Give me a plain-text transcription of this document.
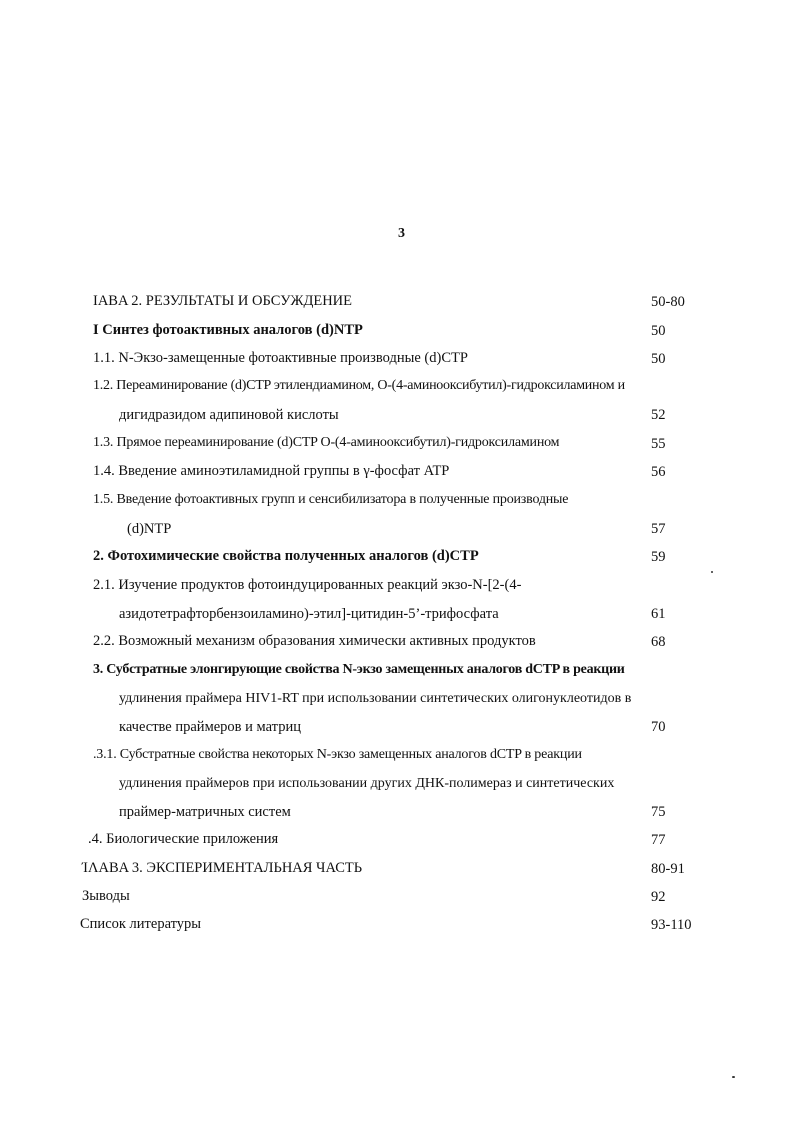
3
ΙΑΒΑ 2. РЕЗУЛЬТАТЫ И ОБСУЖДЕНИЕ	50-80
Ι Синтез фотоактивных аналогов (d)NTP	50
1.1. N-Экзо-замещенные фотоактивные производные (d)CTP	50
1.2. Переаминирование (d)CTP этилендиамином, O-(4-аминооксибутил)-гидроксиламином и
дигидразидом адипиновой кислоты	52
1.3. Прямое переаминирование (d)CTP O-(4-аминооксибутил)-гидроксиламином	55
1.4. Введение аминоэтиламидной группы в γ-фосфат ATP	56
1.5. Введение фотоактивных групп и сенсибилизатора в полученные производные
(d)NTP	57
2. Фотохимические свойства полученных аналогов (d)CTP	59
2.1. Изучение продуктов фотоиндуцированных реакций экзо-N-[2-(4-
азидотетрафторбензоиламино)-этил]-цитидин-5’-трифосфата	61
2.2. Возможный механизм образования химически активных продуктов	68
3. Субстратные элонгирующие свойства N-экзо замещенных аналогов dCTP в реакции
удлинения праймера HIV1-RT при использовании синтетических олигонуклеотидов в
качестве праймеров и матриц	70
.3.1. Субстратные свойства некоторых N-экзо замещенных аналогов dCTP в реакции
удлинения праймеров при использовании других ДНК-полимераз и синтетических
праймер-матричных систем	75
.4. Биологические приложения	77
ΊΛΑΒΑ 3. ЭКСПЕРИМЕНТАЛЬНАЯ ЧАСТЬ	80-91
Зыводы	92
Список литературы	93-110
